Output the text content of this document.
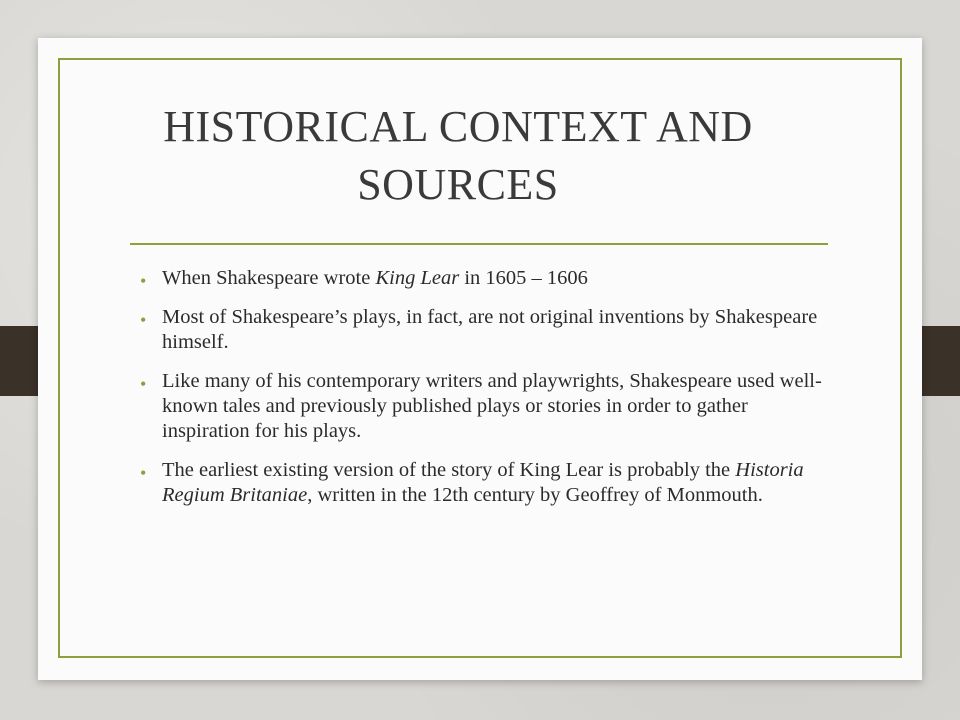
HISTORICAL CONTEXT AND
SOURCES
• When Shakespeare wrote King Lear in 1605 – 1606
• Most of Shakespeare’s plays, in fact, are not original inventions by Shakespeare himself.
• Like many of his contemporary writers and playwrights, Shakespeare used well-known tales and previously published plays or stories in order to gather inspiration for his plays.
• The earliest existing version of the story of King Lear is probably the Historia Regium Britaniae, written in the 12th century by Geoffrey of Monmouth.
